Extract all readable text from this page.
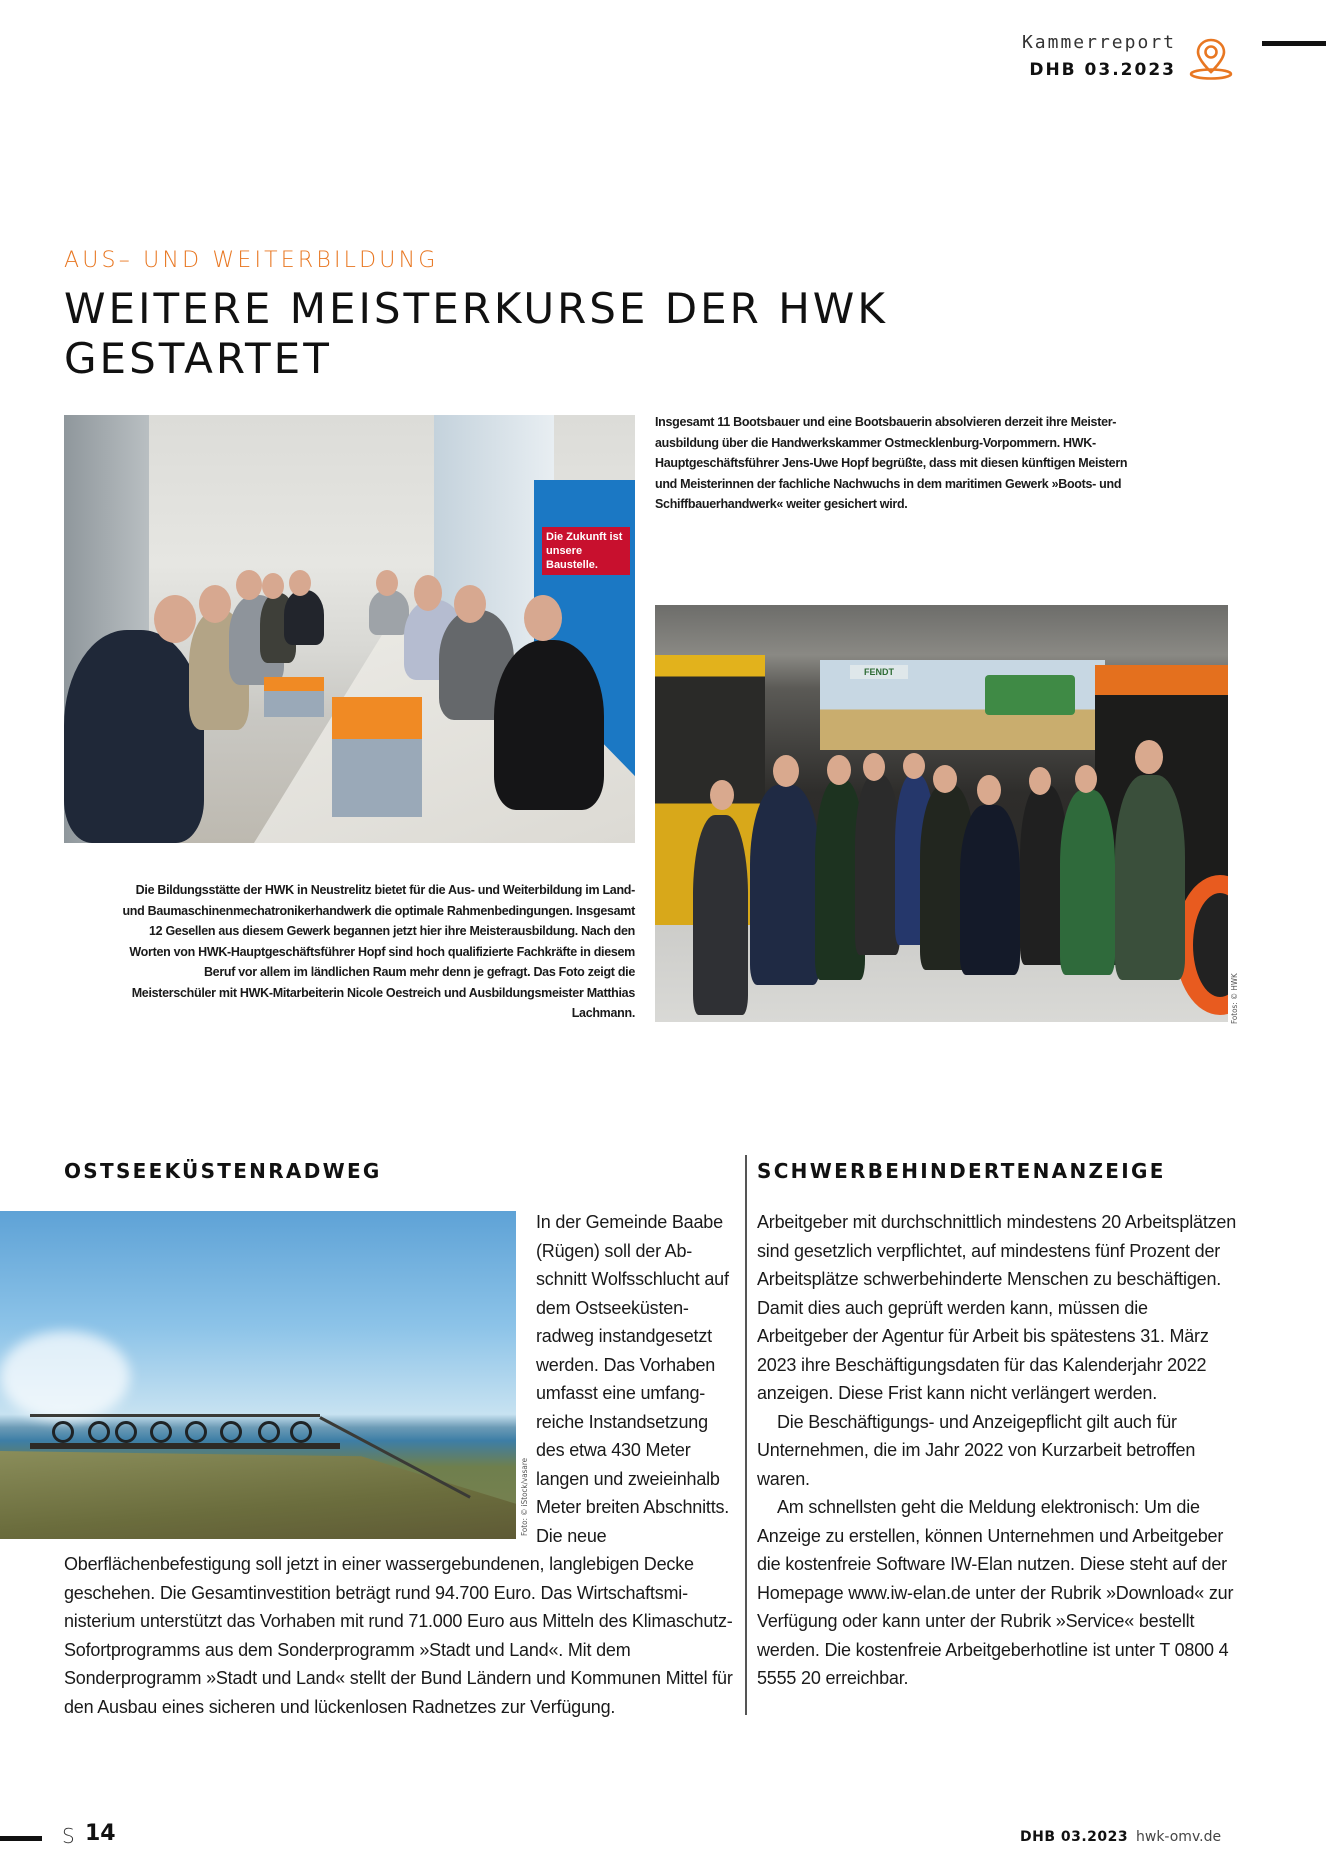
Kammerreport
DHB 03.2023
AUS– UND WEITERBILDUNG
WEITERE MEISTERKURSE DER HWK GESTARTET
Die Zukunft ist unsere Baustelle.
Insgesamt 11 Bootsbauer und eine Bootsbauerin absolvieren derzeit ihre Meisterausbildung über die Handwerkskammer Ostmecklenburg-Vorpommern. HWK-Hauptgeschäftsführer Jens-Uwe Hopf begrüßte, dass mit diesen künftigen Meistern und Meisterinnen der fachliche Nachwuchs in dem maritimen Gewerk »Boots- und Schiffbauerhandwerk« weiter gesichert wird.
FENDT
Fotos: © HWK
Die Bildungsstätte der HWK in Neustrelitz bietet für die Aus- und Weiterbildung im Land- und Baumaschinenmechatronikerhandwerk die optimale Rahmenbedingungen. Insgesamt 12 Gesellen aus diesem Gewerk begannen jetzt hier ihre Meisterausbildung. Nach den Worten von HWK-Hauptgeschäftsführer Hopf sind hoch qualifizierte Fachkräfte in diesem Beruf vor allem im ländlichen Raum mehr denn je gefragt. Das Foto zeigt die Meisterschüler mit HWK-Mitarbeiterin Nicole Oestreich und Ausbildungsmeister Matthias Lachmann.
OSTSEEKÜSTENRADWEG
Foto: © iStock/vasare
In der Gemeinde Baabe (Rügen) soll der Abschnitt Wolfsschlucht auf dem Ostseeküstenradweg instandgesetzt werden. Das Vorhaben umfasst eine umfangreiche Instandsetzung des etwa 430 Meter langen und zweieinhalb Meter breiten Abschnitts. Die neue
Oberflächenbefestigung soll jetzt in einer wassergebundenen, langlebigen Decke geschehen. Die Gesamtinvestition beträgt rund 94.700 Euro. Das Wirtschaftsministerium unterstützt das Vorhaben mit rund 71.000 Euro aus Mitteln des Klimaschutz-Sofortprogramms aus dem Sonderprogramm »Stadt und Land«. Mit dem Sonderprogramm »Stadt und Land« stellt der Bund Ländern und Kommunen Mittel für den Ausbau eines sicheren und lückenlosen Radnetzes zur Verfügung.
SCHWERBEHINDERTENANZEIGE

Arbeitgeber mit durchschnittlich mindestens 20 Arbeitsplätzen sind gesetzlich verpflichtet, auf mindestens fünf Prozent der Arbeitsplätze schwerbehinderte Menschen zu beschäftigen. Damit dies auch geprüft werden kann, müssen die Arbeitgeber der Agentur für Arbeit bis spätestens 31. März 2023 ihre Beschäftigungsdaten für das Kalenderjahr 2022 anzeigen. Diese Frist kann nicht verlängert werden.

Die Beschäftigungs- und Anzeigepflicht gilt auch für Unternehmen, die im Jahr 2022 von Kurzarbeit betroffen waren.

Am schnellsten geht die Meldung elektronisch: Um die Anzeige zu erstellen, können Unternehmen und Arbeitgeber die kostenfreie Software IW-Elan nutzen. Diese steht auf der Homepage www.iw-elan.de unter der Rubrik »Download« zur Verfügung oder kann unter der Rubrik »Service« bestellt werden. Die kostenfreie Arbeitgeberhotline ist unter T 0800 4 5555 20 erreichbar.

S 14	DHB 03.2023 hwk-omv.de
